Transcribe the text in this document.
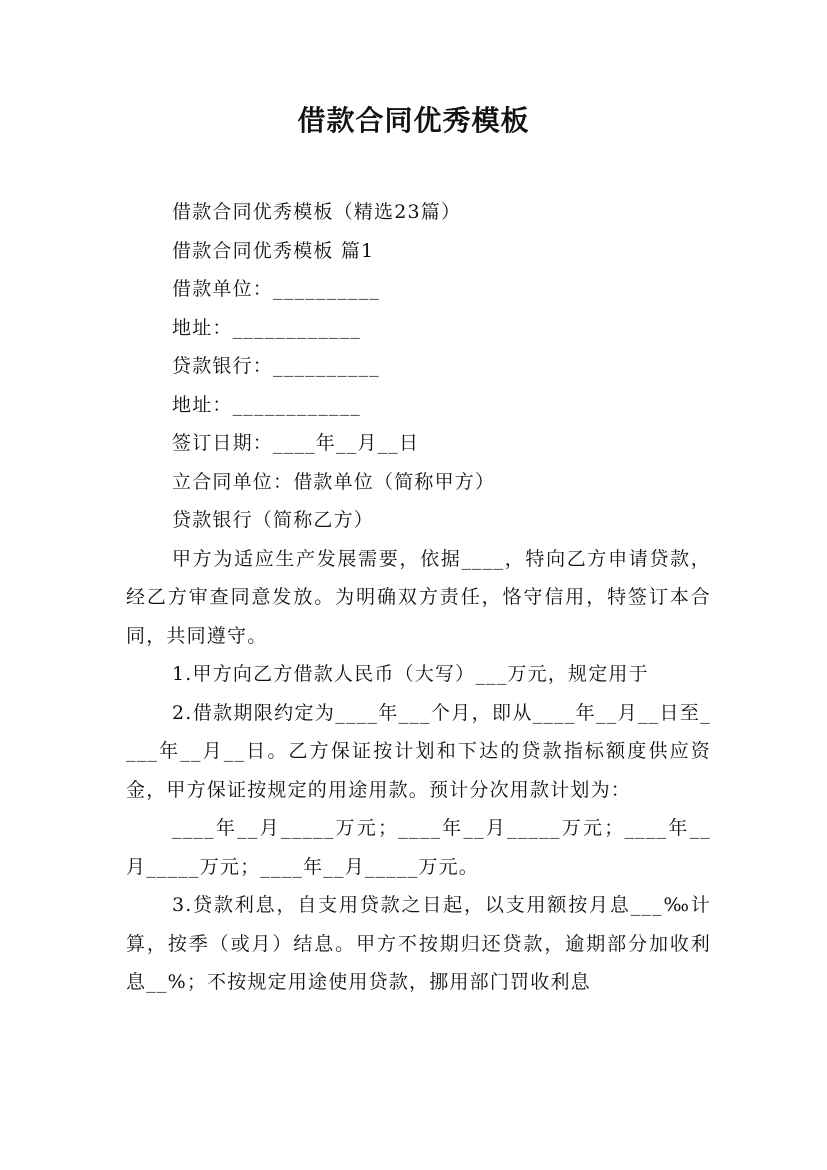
借款合同优秀模板

借款合同优秀模板（精选23篇）

借款合同优秀模板 篇1

借款单位：__________

地址：____________

贷款银行：__________

地址：____________

签订日期：____年__月__日

立合同单位：借款单位（简称甲方）

贷款银行（简称乙方）

甲方为适应生产发展需要，依据____，特向乙方申请贷款，经乙方审查同意发放。为明确双方责任，恪守信用，特签订本合同，共同遵守。

1.甲方向乙方借款人民币（大写）___万元，规定用于

2.借款期限约定为____年___个月，即从____年__月__日至____年__月__日。乙方保证按计划和下达的贷款指标额度供应资金，甲方保证按规定的用途用款。预计分次用款计划为：

____年__月_____万元；____年__月_____万元；____年__月_____万元；____年__月_____万元。

3.贷款利息，自支用贷款之日起，以支用额按月息___‰计算，按季（或月）结息。甲方不按期归还贷款，逾期部分加收利息__%；不按规定用途使用贷款，挪用部门罚收利息
